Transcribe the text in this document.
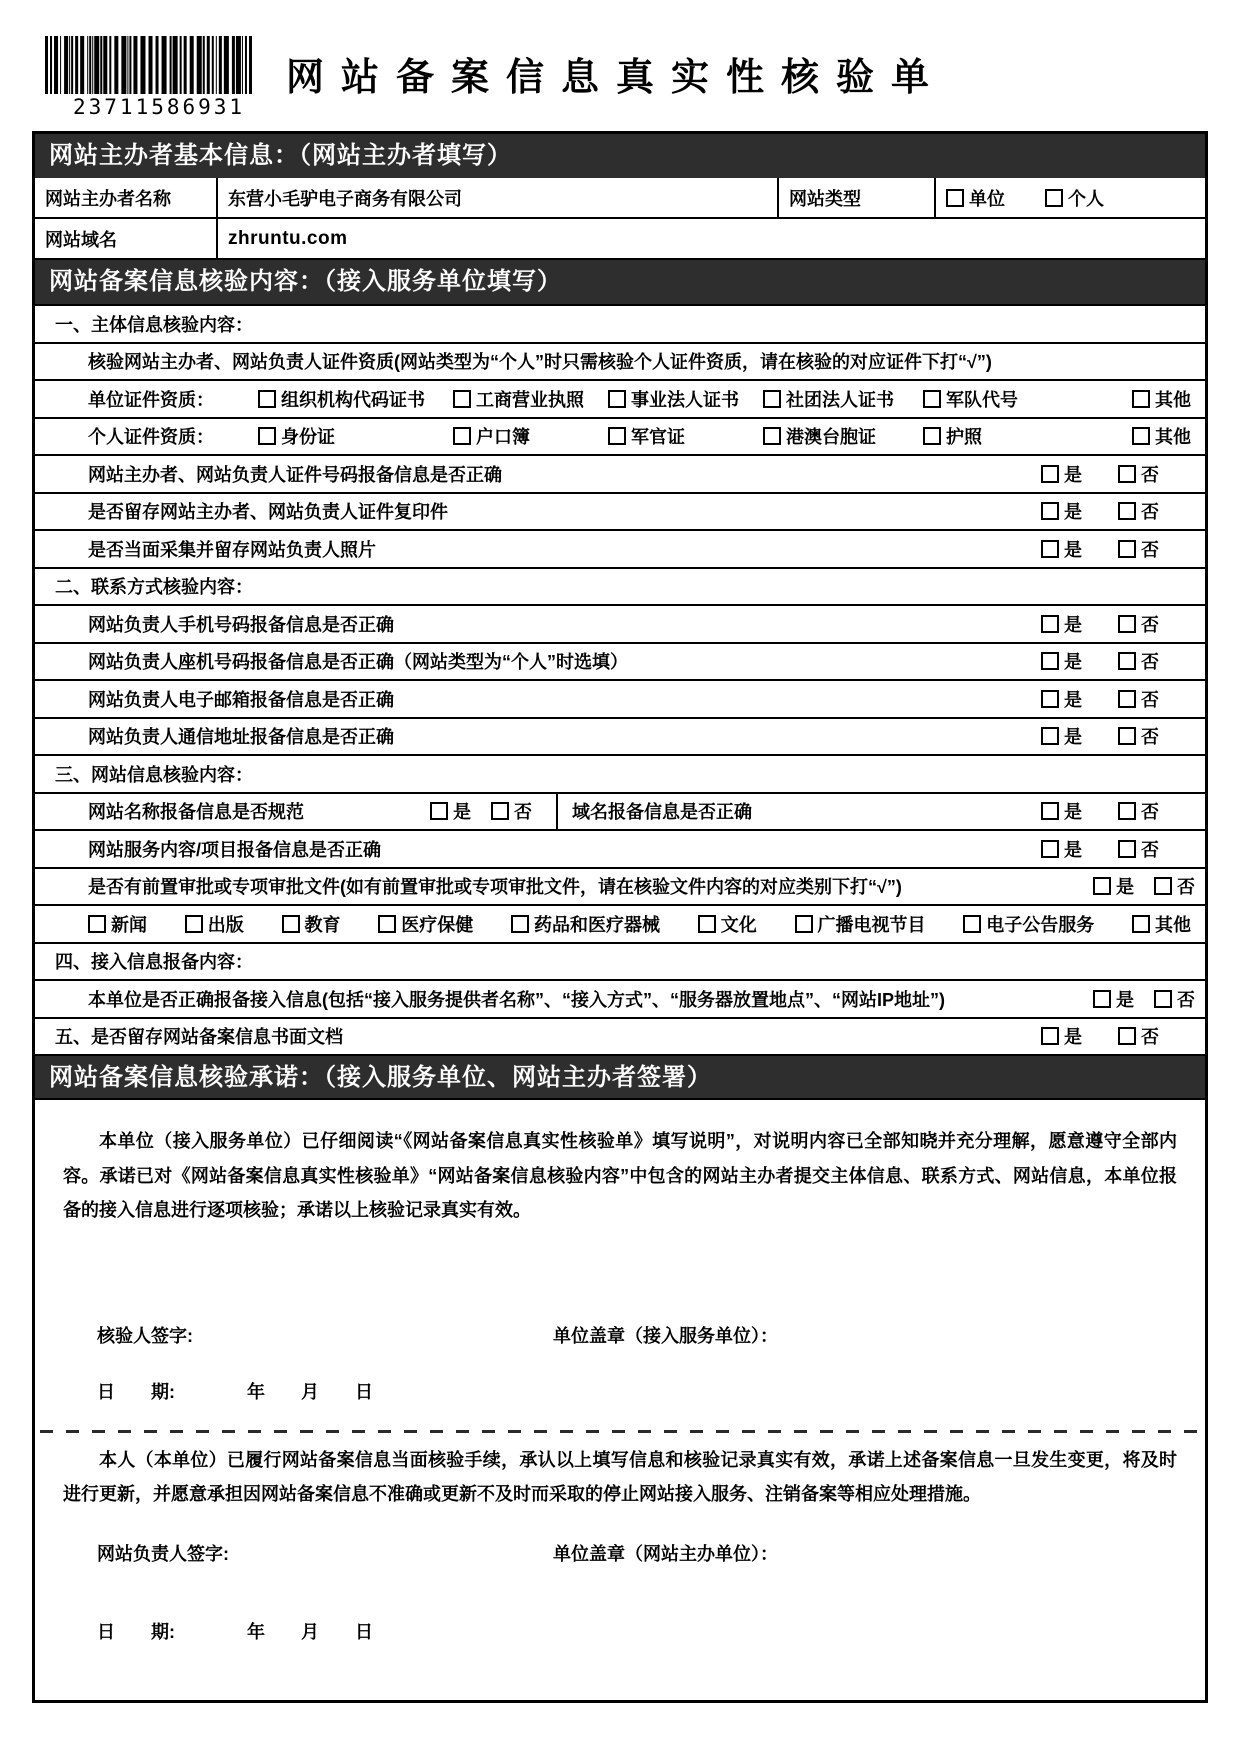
23711586931
网站备案信息真实性核验单
网站主办者基本信息：（网站主办者填写）
网站主办者名称	东营小毛驴电子商务有限公司	网站类型	单位	个人
网站域名	zhruntu.com
网站备案信息核验内容：（接入服务单位填写）
一、主体信息核验内容：
核验网站主办者、网站负责人证件资质(网站类型为“个人”时只需核验个人证件资质，请在核验的对应证件下打“√”)
单位证件资质：	组织机构代码证书	工商营业执照	事业法人证书	社团法人证书	军队代号	其他
个人证件资质：	身份证	户口簿	军官证	港澳台胞证	护照	其他
网站主办者、网站负责人证件号码报备信息是否正确	是	否
是否留存网站主办者、网站负责人证件复印件	是	否
是否当面采集并留存网站负责人照片	是	否
二、联系方式核验内容：
网站负责人手机号码报备信息是否正确	是	否
网站负责人座机号码报备信息是否正确（网站类型为“个人”时选填）	是	否
网站负责人电子邮箱报备信息是否正确	是	否
网站负责人通信地址报备信息是否正确	是	否
三、网站信息核验内容：
网站名称报备信息是否规范	是 否 域名报备信息是否正确	是	否
网站服务内容/项目报备信息是否正确	是	否
是否有前置审批或专项审批文件(如有前置审批或专项审批文件，请在核验文件内容的对应类别下打“√”)	是 否
新闻	出版	教育	医疗保健	药品和医疗器械	文化	广播电视节目	电子公告服务	其他
四、接入信息报备内容：
本单位是否正确报备接入信息(包括“接入服务提供者名称”、“接入方式”、“服务器放置地点”、“网站IP地址”)	是 否
五、是否留存网站备案信息书面文档	是	否
网站备案信息核验承诺：（接入服务单位、网站主办者签署）
本单位（接入服务单位）已仔细阅读“《网站备案信息真实性核验单》填写说明”，对说明内容已全部知晓并充分理解，愿意遵守全部内容。承诺已对《网站备案信息真实性核验单》“网站备案信息核验内容”中包含的网站主办者提交主体信息、联系方式、网站信息，本单位报备的接入信息进行逐项核验；承诺以上核验记录真实有效。
核验人签字:	单位盖章（接入服务单位）：
日　　期:	年　　月　　日
本人（本单位）已履行网站备案信息当面核验手续，承认以上填写信息和核验记录真实有效，承诺上述备案信息一旦发生变更，将及时进行更新，并愿意承担因网站备案信息不准确或更新不及时而采取的停止网站接入服务、注销备案等相应处理措施。
网站负责人签字:	单位盖章（网站主办单位）：
日　　期:	年　　月　　日
